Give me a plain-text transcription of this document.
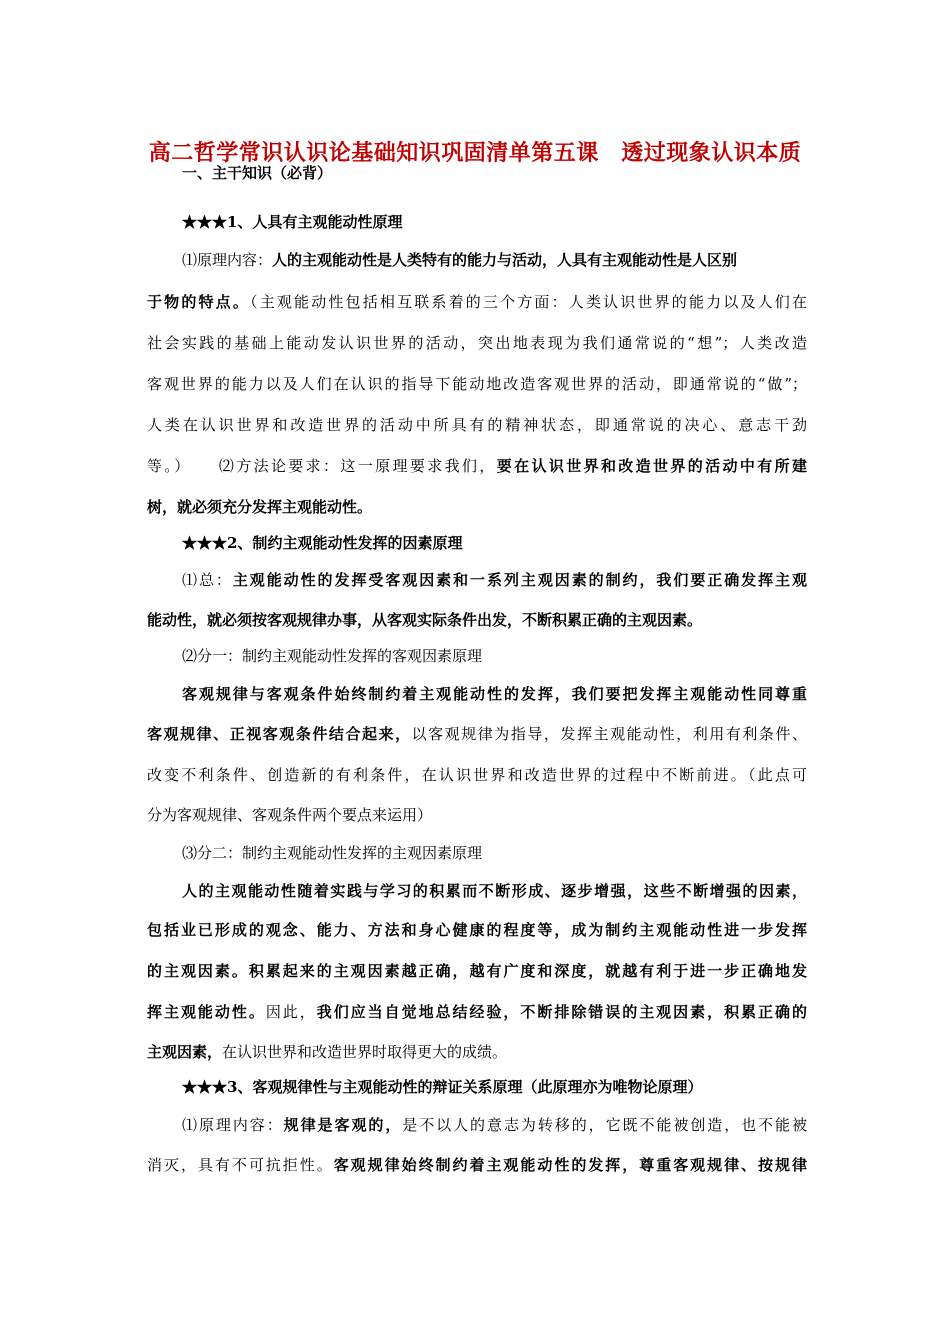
高二哲学常识认识论基础知识巩固清单第五课　透过现象认识本质
一、主干知识（必背）
★★★1、人具有主观能动性原理
⑴原理内容：人的主观能动性是人类特有的能力与活动，人具有主观能动性是人区别
于物的特点。（主观能动性包括相互联系着的三个方面：人类认识世界的能力以及人们在
社会实践的基础上能动发认识世界的活动，突出地表现为我们通常说的“想”；人类改造
客观世界的能力以及人们在认识的指导下能动地改造客观世界的活动，即通常说的“做”；
人类在认识世界和改造世界的活动中所具有的精神状态，即通常说的决心、意志干劲
等。）　　⑵方法论要求：这一原理要求我们，要在认识世界和改造世界的活动中有所建
树，就必须充分发挥主观能动性。
★★★2、制约主观能动性发挥的因素原理
⑴总：主观能动性的发挥受客观因素和一系列主观因素的制约，我们要正确发挥主观
能动性，就必须按客观规律办事，从客观实际条件出发，不断积累正确的主观因素。
⑵分一：制约主观能动性发挥的客观因素原理
客观规律与客观条件始终制约着主观能动性的发挥，我们要把发挥主观能动性同尊重
客观规律、正视客观条件结合起来，以客观规律为指导，发挥主观能动性，利用有利条件、
改变不利条件、创造新的有利条件，在认识世界和改造世界的过程中不断前进。（此点可
分为客观规律、客观条件两个要点来运用）
⑶分二：制约主观能动性发挥的主观因素原理
人的主观能动性随着实践与学习的积累而不断形成、逐步增强，这些不断增强的因素，
包括业已形成的观念、能力、方法和身心健康的程度等，成为制约主观能动性进一步发挥
的主观因素。积累起来的主观因素越正确，越有广度和深度，就越有利于进一步正确地发
挥主观能动性。因此，我们应当自觉地总结经验，不断排除错误的主观因素，积累正确的
主观因素，在认识世界和改造世界时取得更大的成绩。
★★★3、客观规律性与主观能动性的辩证关系原理（此原理亦为唯物论原理）
⑴原理内容：规律是客观的，是不以人的意志为转移的，它既不能被创造，也不能被
消灭，具有不可抗拒性。客观规律始终制约着主观能动性的发挥，尊重客观规律、按规律
